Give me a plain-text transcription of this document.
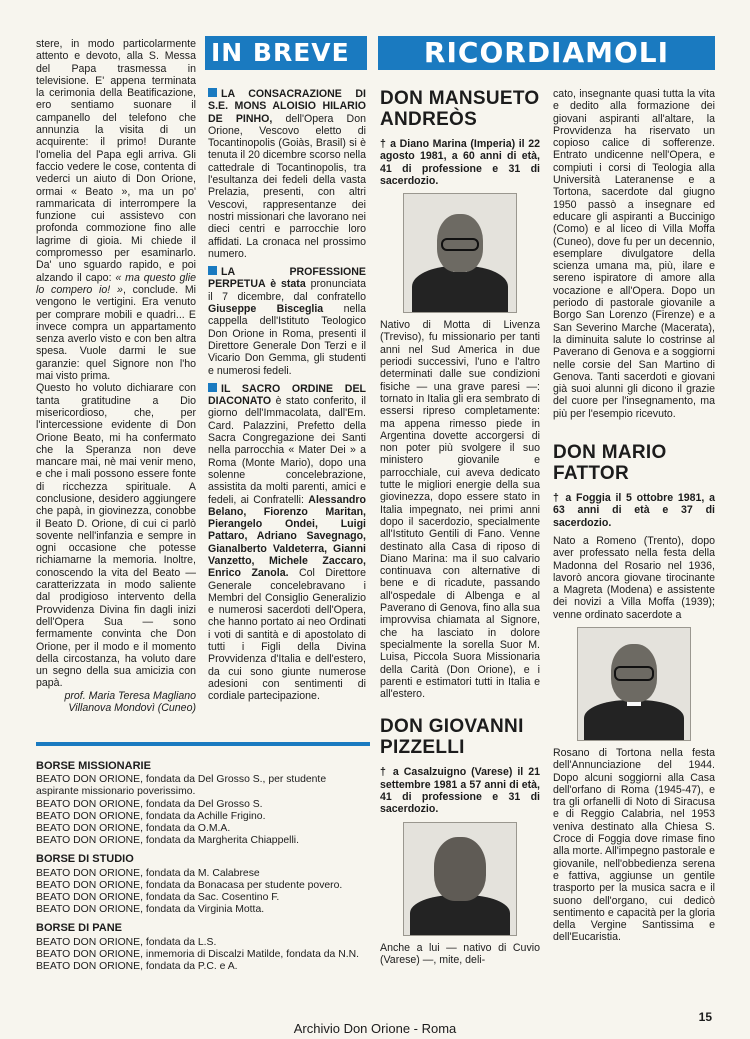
IN BREVE	RICORDIAMOLI

stere, in modo particolarmente attento e devoto, alla S. Messa del Papa trasmessa in televisione. E' appena terminata la cerimonia della Beatificazione, ero sentiamo suonare il campanello del telefono che annunzia la visita di un acquirente: il primo! Durante l'omelia del Papa egli arriva. Gli faccio vedere le cose, contenta di vederci un aiuto di Don Orione, ormai « Beato », ma un po' rammaricata di interrompere la funzione cui assistevo con profonda commozione fino alle lagrime di gioia. Mi chiede il compromesso per esaminarlo. Da' uno sguardo rapido, e poi alzando il capo: « ma questo glie lo compero io! », conclude. Mi vengono le vertigini. Era venuto per comprare mobili e quadri... E invece compra un appartamento senza averlo visto e con ben altra spesa. Vuole darmi le sue garanzie: quel Signore non l'ho mai visto prima.

Questo ho voluto dichiarare con tanta gratitudine a Dio misericordioso, che, per l'intercessione evidente di Don Orione Beato, mi ha confermato che la Speranza non deve mancare mai, nè mai venir meno, e che i mali possono essere fonte di ricchezza spirituale. A conclusione, desidero aggiungere che papà, in giovinezza, conobbe il Beato D. Orione, di cui ci parlò sovente nell'infanzia e sempre in ogni occasione che potesse richiamarne la memoria. Inoltre, conoscendo la vita del Beato — caratterizzata in modo saliente dal prodigioso intervento della Provvidenza Divina fin dagli inizi dell'Opera Sua — sono fermamente convinta che Don Orione, per il modo e il momento della circostanza, ha voluto dare un segno della sua amicizia con papà.

prof. Maria Teresa Magliano

Villanova Mondovì (Cuneo)

LA CONSACRAZIONE DI S.E. MONS ALOISIO HILARIO DE PINHO, dell'Opera Don Orione, Vescovo eletto di Tocantinopolis (Goiàs, Brasil) si è tenuta il 20 dicembre scorso nella cattedrale di Tocantinopolis, tra l'esultanza dei fedeli della vasta Prelazia, presenti, con altri Vescovi, rappresentanze dei nostri missionari che lavorano nei dieci centri e parrocchie loro affidati. La cronaca nel prossimo numero.

LA PROFESSIONE PERPETUA è stata pronunciata il 7 dicembre, dal confratello Giuseppe Bisceglia nella cappella dell'Istituto Teologico Don Orione in Roma, presenti il Direttore Generale Don Terzi e il Vicario Don Gemma, gli studenti e numerosi fedeli.

IL SACRO ORDINE DEL DIACONATO è stato conferito, il giorno dell'Immacolata, dall'Em. Card. Palazzini, Prefetto della Sacra Congregazione dei Santi nella parrocchia « Mater Dei » a Roma (Monte Mario), dopo una solenne concelebrazione, assistita da molti parenti, amici e fedeli, ai Confratelli: Alessandro Belano, Fiorenzo Maritan, Pierangelo Ondei, Luigi Pattaro, Adriano Savegnago, Gianalberto Valdeterra, Gianni Vanzetto, Michele Zaccaro, Enrico Zanola. Col Direttore Generale concelebravano i Membri del Consiglio Generalizio e numerosi sacerdoti dell'Opera, che hanno portato ai neo Ordinati i voti di santità e di apostolato di tutti i Figli della Divina Provvidenza d'Italia e dell'estero, da cui sono giunte numerose adesioni con sentimenti di cordiale partecipazione.

DON MANSUETO ANDREÒS

† a Diano Marina (Imperia) il 22 agosto 1981, a 60 anni di età, 41 di professione e 31 di sacerdozio.

Nativo di Motta di Livenza (Treviso), fu missionario per tanti anni nel Sud America in due periodi successivi, l'uno e l'altro determinati dalle sue condizioni fisiche — una grave paresi —: tornato in Italia gli era sembrato di essersi ripreso completamente: ma appena rimesso piede in Argentina dovette accorgersi di non poter più svolgere il suo ministero giovanile e parrocchiale, cui aveva dedicato tutte le migliori energie della sua giovinezza, dopo essere stato in Italia impegnato, nei primi anni dopo il sacerdozio, specialmente all'Istituto Gentili di Fano. Venne destinato alla Casa di riposo di Diano Marina: ma il suo calvario continuava con alternative di bene e di ricadute, passando all'ospedale di Albenga e al Paverano di Genova, fino alla sua improvvisa chiamata al Signore, che ha lasciato in dolore specialmente la sorella Suor M. Luisa, Piccola Suora Missionaria della Carità (Don Orione), e i parenti e estimatori tutti in Italia e all'estero.

DON GIOVANNI PIZZELLI

† a Casalzuigno (Varese) il 21 settembre 1981 a 57 anni di età, 41 di professione e 31 di sacerdozio.

Anche a lui — nativo di Cuvio (Varese) —, mite, deli-

cato, insegnante quasi tutta la vita e dedito alla formazione dei giovani aspiranti all'altare, la Provvidenza ha riservato un copioso calice di sofferenze. Entrato undicenne nell'Opera, e compiuti i corsi di Teologia alla Università Lateranense e a Tortona, sacerdote dal giugno 1950 passò a insegnare ed educare gli aspiranti a Buccinigo (Como) e al liceo di Villa Moffa (Cuneo), dove fu per un decennio, esemplare divulgatore della scienza umana ma, più, ilare e sereno ispiratore di amore alla vocazione e all'Opera. Dopo un periodo di pastorale giovanile a Borgo San Lorenzo (Firenze) e a San Severino Marche (Macerata), la diminuita salute lo costrinse al Paverano di Genova e a soggiorni nelle corsie del San Martino di Genova. Tanti sacerdoti e giovani già suoi alunni gli dicono il grazie del cuore per l'insegnamento, ma più per l'esempio ricevuto.

DON MARIO FATTOR

† a Foggia il 5 ottobre 1981, a 63 anni di età e 37 di sacerdozio.

Nato a Romeno (Trento), dopo aver professato nella festa della Madonna del Rosario nel 1936, lavorò ancora giovane tirocinante a Magreta (Modena) e assistente dei novizi a Villa Moffa (1939); venne ordinato sacerdote a

Rosano di Tortona nella festa dell'Annunciazione del 1944. Dopo alcuni soggiorni alla Casa dell'orfano di Roma (1945-47), e tra gli orfanelli di Noto di Siracusa e di Reggio Calabria, nel 1953 veniva destinato alla Chiesa S. Croce di Foggia dove rimase fino alla morte. All'impegno pastorale e giovanile, nell'obbedienza serena e fattiva, aggiunse un gentile trasporto per la musica sacra e il suono dell'organo, cui dedicò sentimento e capacità per la gloria della Vergine Santissima e dell'Eucaristia.

BORSE MISSIONARIE
BEATO DON ORIONE, fondata da Del Grosso S., per studente aspirante missionario poverissimo.
BEATO DON ORIONE, fondata da Del Grosso S.
BEATO DON ORIONE, fondata da Achille Frigino.
BEATO DON ORIONE, fondata da O.M.A.
BEATO DON ORIONE, fondata da Margherita Chiappelli.
BORSE DI STUDIO
BEATO DON ORIONE, fondata da M. Calabrese
BEATO DON ORIONE, fondata da Bonacasa per studente povero.
BEATO DON ORIONE, fondata da Sac. Cosentino F.
BEATO DON ORIONE, fondata da Virginia Motta.
BORSE DI PANE
BEATO DON ORIONE, fondata da L.S.
BEATO DON ORIONE, inmemoria di Discalzi Matilde, fondata da N.N.
BEATO DON ORIONE, fondata da P.C. e A.
15
Archivio Don Orione - Roma
